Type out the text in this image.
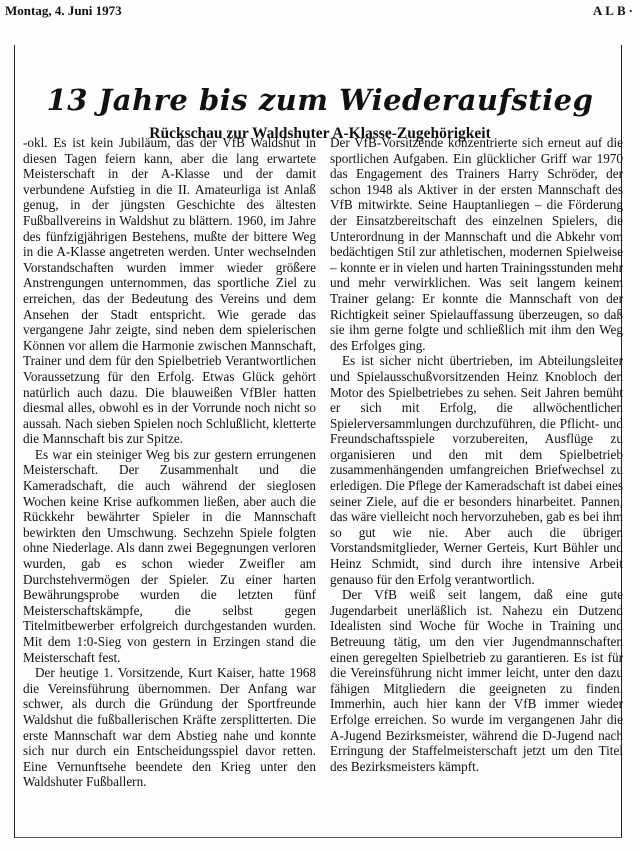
Montag, 4. Juni 1973	ALB·
13 Jahre bis zum Wiederaufstieg
Rückschau zur Waldshuter A-Klasse-Zugehörigkeit

-okl. Es ist kein Jubiläum, das der VfB Waldshut in diesen Tagen feiern kann, aber die lang erwartete Meisterschaft in der A-Klasse und der damit verbundene Aufstieg in die II. Amateurliga ist Anlaß genug, in der jüngsten Geschichte des ältesten Fußballvereins in Waldshut zu blättern. 1960, im Jahre des fünfzigjährigen Bestehens, mußte der bittere Weg in die A-Klasse angetreten werden. Unter wechselnden Vorstandschaften wurden immer wieder größere Anstrengungen unternommen, das sportliche Ziel zu erreichen, das der Bedeutung des Vereins und dem Ansehen der Stadt entspricht. Wie gerade das vergangene Jahr zeigte, sind neben dem spielerischen Können vor allem die Harmonie zwischen Mannschaft, Trainer und dem für den Spielbetrieb Verantwortlichen Voraussetzung für den Erfolg. Etwas Glück gehört natürlich auch dazu. Die blauweißen VfBler hatten diesmal alles, obwohl es in der Vorrunde noch nicht so aussah. Nach sieben Spielen noch Schlußlicht, kletterte die Mannschaft bis zur Spitze.

Es war ein steiniger Weg bis zur gestern errungenen Meisterschaft. Der Zusammenhalt und die Kameradschaft, die auch während der sieglosen Wochen keine Krise aufkommen ließen, aber auch die Rückkehr bewährter Spieler in die Mannschaft bewirkten den Umschwung. Sechzehn Spiele folgten ohne Niederlage. Als dann zwei Begegnungen verloren wurden, gab es schon wieder Zweifler am Durchstehvermögen der Spieler. Zu einer harten Bewährungsprobe wurden die letzten fünf Meisterschaftskämpfe, die selbst gegen Titelmitbewerber erfolgreich durchgestanden wurden. Mit dem 1:0-Sieg von gestern in Erzingen stand die Meisterschaft fest.

Der heutige 1. Vorsitzende, Kurt Kaiser, hatte 1968 die Vereinsführung übernommen. Der Anfang war schwer, als durch die Gründung der Sportfreunde Waldshut die fußballerischen Kräfte zersplitterten. Die erste Mannschaft war dem Abstieg nahe und konnte sich nur durch ein Entscheidungsspiel davor retten. Eine Vernunftsehe beendete den Krieg unter den Waldshuter Fußballern.

Der VfB-Vorsitzende konzentrierte sich erneut auf die sportlichen Aufgaben. Ein glücklicher Griff war 1970 das Engagement des Trainers Harry Schröder, der schon 1948 als Aktiver in der ersten Mannschaft des VfB mitwirkte. Seine Hauptanliegen – die Förderung der Einsatzbereitschaft des einzelnen Spielers, die Unterordnung in der Mannschaft und die Abkehr vom bedächtigen Stil zur athletischen, modernen Spielweise – konnte er in vielen und harten Trainingsstunden mehr und mehr verwirklichen. Was seit langem keinem Trainer gelang: Er konnte die Mannschaft von der Richtigkeit seiner Spielauffassung überzeugen, so daß sie ihm gerne folgte und schließlich mit ihm den Weg des Erfolges ging.

Es ist sicher nicht übertrieben, im Abteilungsleiter und Spielausschußvorsitzenden Heinz Knobloch den Motor des Spielbetriebes zu sehen. Seit Jahren bemüht er sich mit Erfolg, die allwöchentlichen Spielerversammlungen durchzuführen, die Pflicht- und Freundschaftsspiele vorzubereiten, Ausflüge zu organisieren und den mit dem Spielbetrieb zusammenhängenden umfangreichen Briefwechsel zu erledigen. Die Pflege der Kameradschaft ist dabei eines seiner Ziele, auf die er besonders hinarbeitet. Pannen, das wäre vielleicht noch hervorzuheben, gab es bei ihm so gut wie nie. Aber auch die übrigen Vorstandsmitglieder, Werner Gerteis, Kurt Bühler und Heinz Schmidt, sind durch ihre intensive Arbeit genauso für den Erfolg verantwortlich.

Der VfB weiß seit langem, daß eine gute Jugendarbeit unerläßlich ist. Nahezu ein Dutzend Idealisten sind Woche für Woche in Training und Betreuung tätig, um den vier Jugendmannschaften einen geregelten Spielbetrieb zu garantieren. Es ist für die Vereinsführung nicht immer leicht, unter den dazu fähigen Mitgliedern die geeigneten zu finden. Immerhin, auch hier kann der VfB immer wieder Erfolge erreichen. So wurde im vergangenen Jahr die A-Jugend Bezirksmeister, während die D-Jugend nach Erringung der Staffelmeisterschaft jetzt um den Titel des Bezirksmeisters kämpft.
